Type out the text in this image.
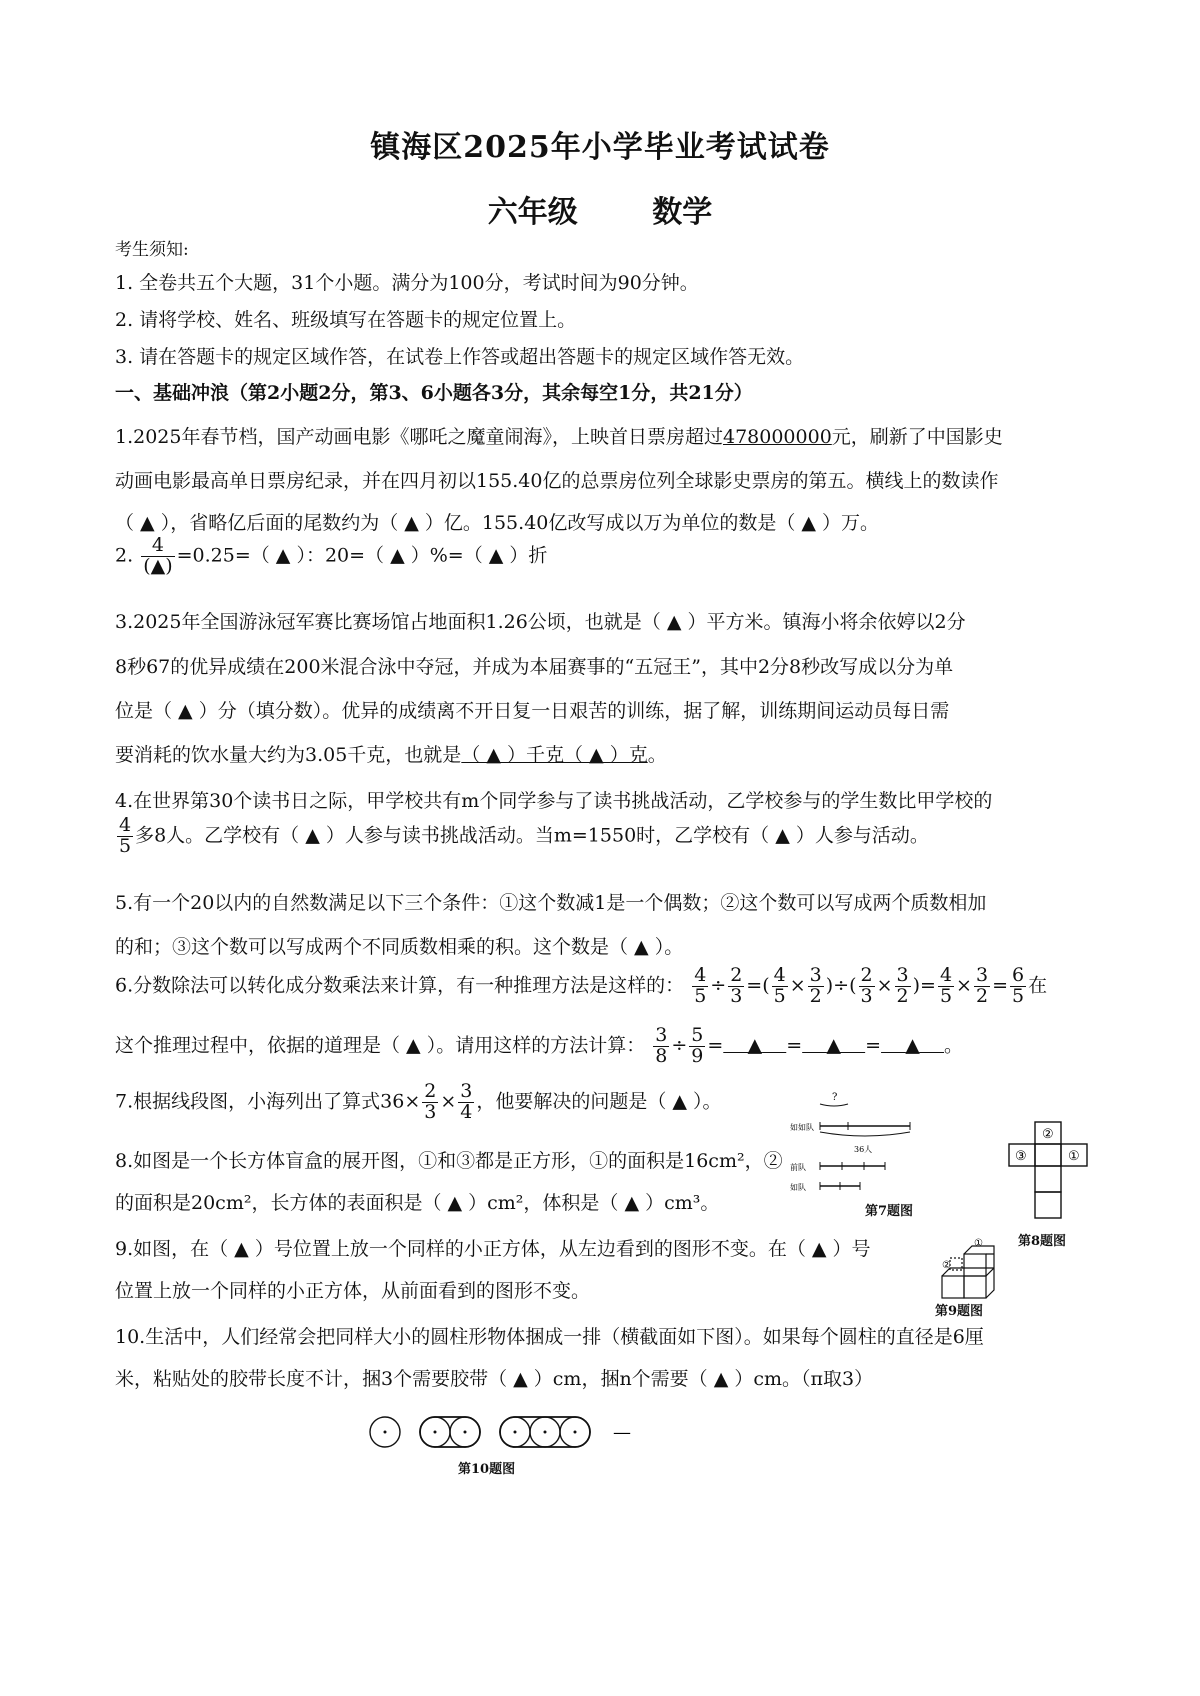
镇海区2025年小学毕业考试试卷
六年级 数学
考生须知:
1. 全卷共五个大题，31个小题。满分为100分，考试时间为90分钟。
2. 请将学校、姓名、班级填写在答题卡的规定位置上。
3. 请在答题卡的规定区域作答，在试卷上作答或超出答题卡的规定区域作答无效。
一、基础冲浪（第2小题2分，第3、6小题各3分，其余每空1分，共21分）
1.2025年春节档，国产动画电影《哪吒之魔童闹海》，上映首日票房超过478000000元，刷新了中国影史
动画电影最高单日票房纪录，并在四月初以155.40亿的总票房位列全球影史票房的第五。横线上的数读作
（ ▲ ），省略亿后面的尾数约为（ ▲ ）亿。155.40亿改写成以万为单位的数是（ ▲ ）万。
2. $\frac{4}{(▲)} =0.25=$（ ▲ ）：20=（ ▲ ）%=（ ▲ ）折
3.2025年全国游泳冠军赛比赛场馆占地面积1.26公顷，也就是（ ▲ ）平方米。镇海小将余依婷以2分
8秒67的优异成绩在200米混合泳中夺冠，并成为本届赛事的“五冠王”，其中2分8秒改写成以分为单
位是（ ▲ ）分（填分数）。优异的成绩离不开日复一日艰苦的训练，据了解，训练期间运动员每日需
要消耗的饮水量大约为3.05千克，也就是（ ▲ ）千克（ ▲ ）克。
4.在世界第30个读书日之际，甲学校共有m个同学参与了读书挑战活动，乙学校参与的学生数比甲学校的
$\frac{4}{5}$ 多8人。乙学校有（ ▲ ）人参与读书挑战活动。当m=1550时，乙学校有（ ▲ ）人参与活动。
5.有一个20以内的自然数满足以下三个条件：①这个数减1是一个偶数；②这个数可以写成两个质数相加
的和；③这个数可以写成两个不同质数相乘的积。这个数是（ ▲ ）。
6.分数除法可以转化成分数乘法来计算，有一种推理方法是这样的： $\frac{4}{5} \div \frac{2}{3}$ =( $\frac{4}{5} \times \frac{3}{2}$ )÷( $\frac{2}{3} \times \frac{3}{2}$ )= $\frac{4}{5} \times \frac{3}{2} = \frac{6}{5}$ 在
这个推理过程中，依据的道理是（ ▲ ）。请用这样的方法计算： $\frac{3}{8} \div \frac{5}{9}$ = ▲ = ▲ = ▲ 。
7.根据线段图，小海列出了算式$36\times \frac{2}{3} \times \frac{3}{4}$ ，他要解决的问题是（ ▲ ）。
8.如图是一个长方体盲盒的展开图，①和③都是正方形，①的面积是16cm²，②
的面积是20cm²，长方体的表面积是（ ▲ ）cm²，体积是（ ▲ ）cm³。
9.如图，在（ ▲ ）号位置上放一个同样的小正方体，从左边看到的图形不变。在（ ▲ ）号
位置上放一个同样的小正方体，从前面看到的图形不变。
10.生活中，人们经常会把同样大小的圆柱形物体捆成一排（横截面如下图）。如果每个圆柱的直径是6厘
米，粘贴处的胶带长度不计，捆3个需要胶带（ ▲ ）cm，捆n个需要（ ▲ ）cm。（π取3）
?
如如队
36人
前队
如队
第7题图
②
③	①
第8题图
①
②
第9题图
—
第10题图
